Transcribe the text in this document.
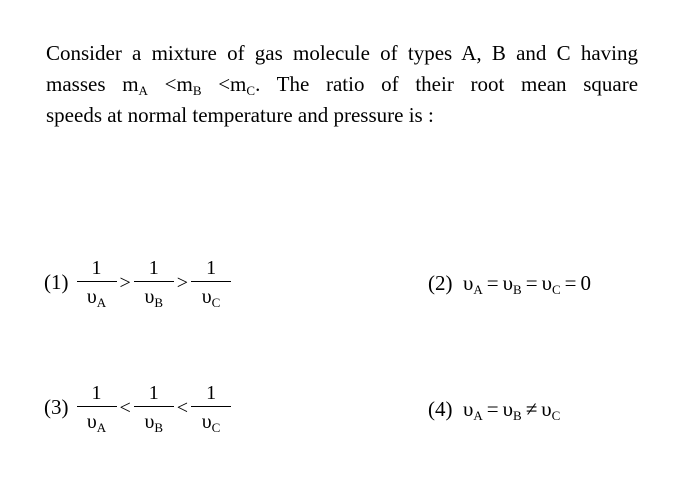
Consider a mixture of gas molecule of types A, B and C having
masses $m_A <m_B <m_C$. The ratio of their root mean square
speeds at normal temperature and pressure is :
$(1) \frac{1}{\upsilon_A} > \frac{1}{\upsilon_B} > \frac{1}{\upsilon_C}$	(2) $\upsilon_A = \upsilon_B = \upsilon_C = 0$
$(3) \frac{1}{\upsilon_A} < \frac{1}{\upsilon_B} < \frac{1}{\upsilon_C}$	(4) $\upsilon_A = \upsilon_B \ne \upsilon_C$
